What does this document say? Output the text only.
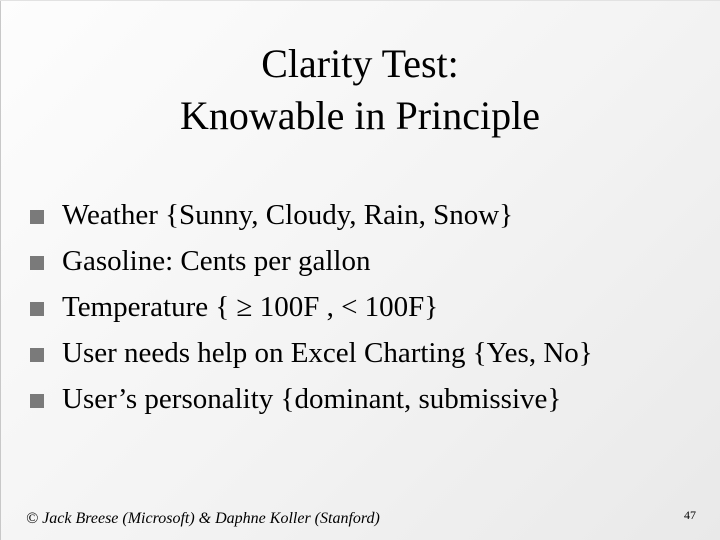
Clarity Test:
Knowable in Principle
Weather {Sunny, Cloudy, Rain, Snow}
Gasoline: Cents per gallon
Temperature { ≥ 100F , < 100F}
User needs help on Excel Charting {Yes, No}
User’s personality {dominant, submissive}
© Jack Breese (Microsoft) & Daphne Koller (Stanford)	47
